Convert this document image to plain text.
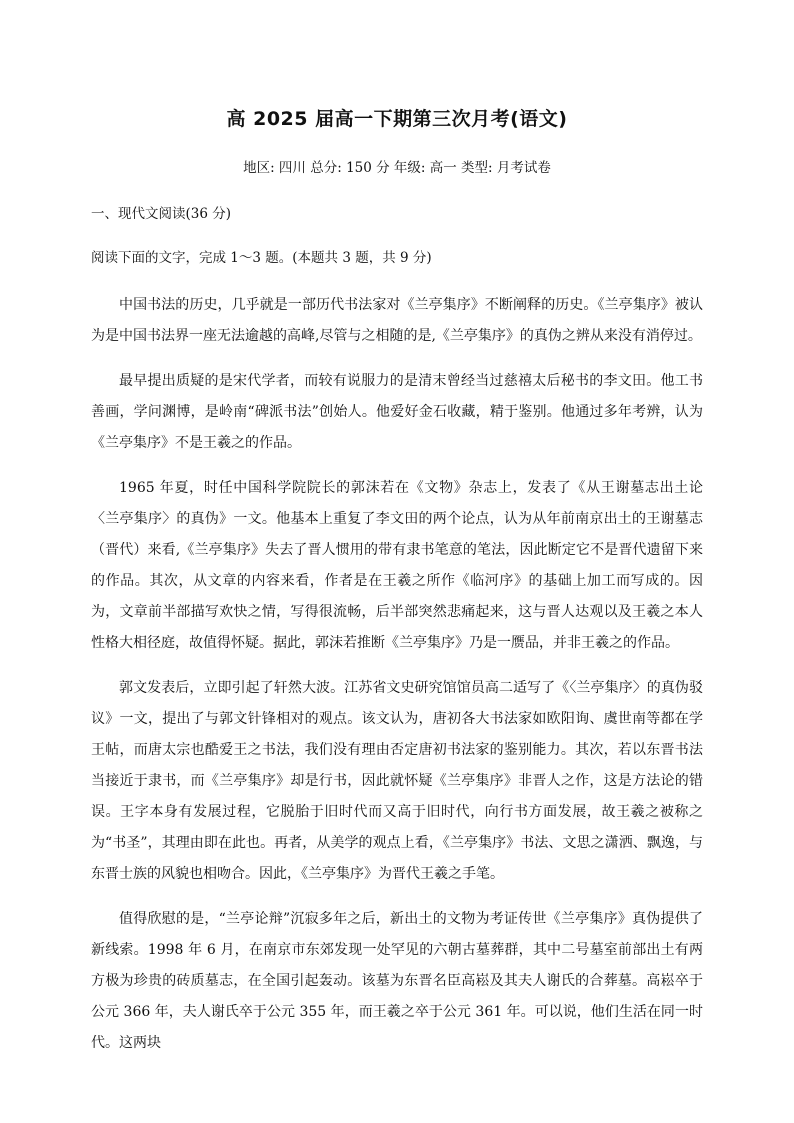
高 2025 届高一下期第三次月考(语文)

地区: 四川 总分: 150 分 年级: 高一 类型: 月考试卷

一、现代文阅读(36 分)

阅读下面的文字，完成 1～3 题。(本题共 3 题，共 9 分)

中国书法的历史，几乎就是一部历代书法家对《兰亭集序》不断阐释的历史。《兰亭集序》被认为是中国书法界一座无法逾越的高峰,尽管与之相随的是,《兰亭集序》的真伪之辨从来没有消停过。

最早提出质疑的是宋代学者，而较有说服力的是清末曾经当过慈禧太后秘书的李文田。他工书善画，学问渊博，是岭南“碑派书法”创始人。他爱好金石收藏，精于鉴别。他通过多年考辨，认为《兰亭集序》不是王羲之的作品。

1965 年夏，时任中国科学院院长的郭沫若在《文物》杂志上，发表了《从王谢墓志出土论〈兰亭集序〉的真伪》一文。他基本上重复了李文田的两个论点，认为从年前南京出土的王谢墓志（晋代）来看,《兰亭集序》失去了晋人惯用的带有隶书笔意的笔法，因此断定它不是晋代遗留下来的作品。其次，从文章的内容来看，作者是在王羲之所作《临河序》的基础上加工而写成的。因为，文章前半部描写欢快之情，写得很流畅，后半部突然悲痛起来，这与晋人达观以及王羲之本人性格大相径庭，故值得怀疑。据此，郭沫若推断《兰亭集序》乃是一赝品，并非王羲之的作品。

郭文发表后，立即引起了轩然大波。江苏省文史研究馆馆员高二适写了《〈兰亭集序〉的真伪驳议》一文，提出了与郭文针锋相对的观点。该文认为，唐初各大书法家如欧阳询、虞世南等都在学王帖，而唐太宗也酷爱王之书法，我们没有理由否定唐初书法家的鉴别能力。其次，若以东晋书法当接近于隶书，而《兰亭集序》却是行书，因此就怀疑《兰亭集序》非晋人之作，这是方法论的错误。王字本身有发展过程，它脱胎于旧时代而又高于旧时代，向行书方面发展，故王羲之被称之为“书圣”，其理由即在此也。再者，从美学的观点上看，《兰亭集序》书法、文思之潇洒、飘逸，与东晋士族的风貌也相吻合。因此，《兰亭集序》为晋代王羲之手笔。

值得欣慰的是，“兰亭论辩”沉寂多年之后，新出土的文物为考证传世《兰亭集序》真伪提供了新线索。1998 年 6 月，在南京市东郊发现一处罕见的六朝古墓葬群，其中二号墓室前部出土有两方极为珍贵的砖质墓志，在全国引起轰动。该墓为东晋名臣高崧及其夫人谢氏的合葬墓。高崧卒于公元 366 年，夫人谢氏卒于公元 355 年，而王羲之卒于公元 361 年。可以说，他们生活在同一时代。这两块
